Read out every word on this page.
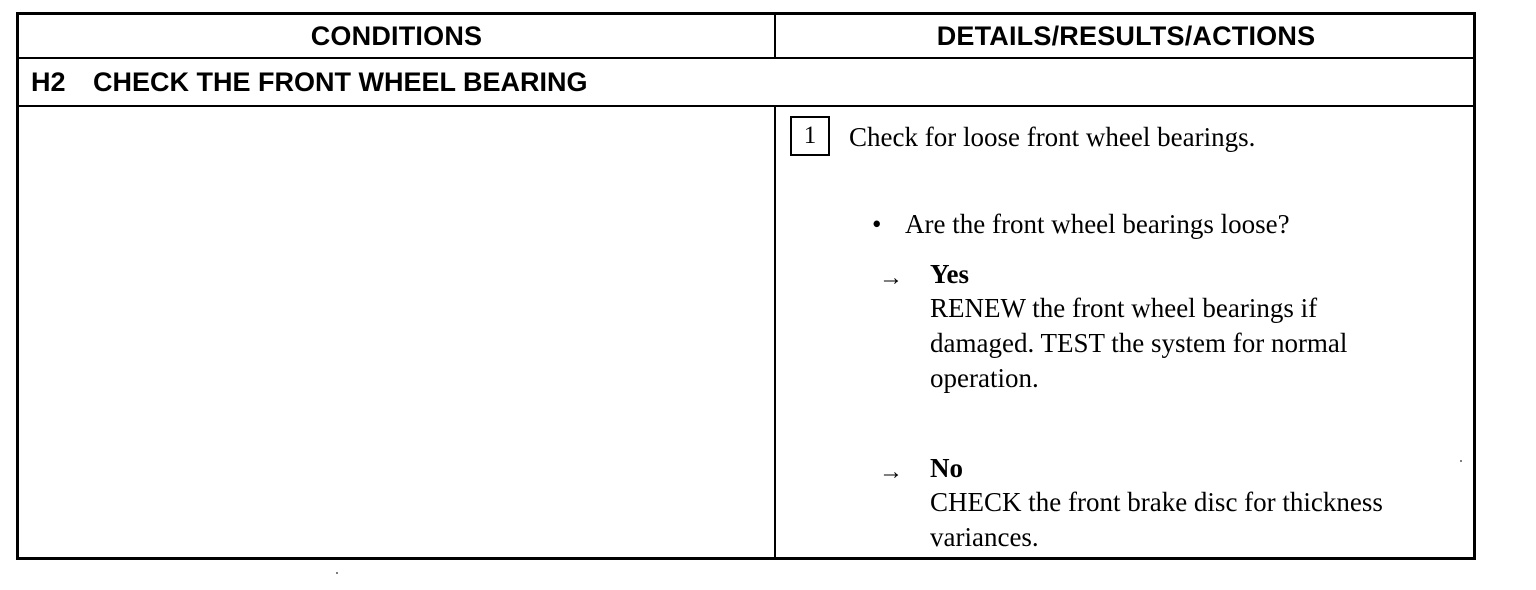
CONDITIONS	DETAILS/RESULTS/ACTIONS
H2	CHECK THE FRONT WHEEL BEARING
1 Check for loose front wheel bearings.
• Are the front wheel bearings loose?
→ Yes
RENEW the front wheel bearings if damaged. TEST the system for normal operation.
→ No
CHECK the front brake disc for thickness variances.
